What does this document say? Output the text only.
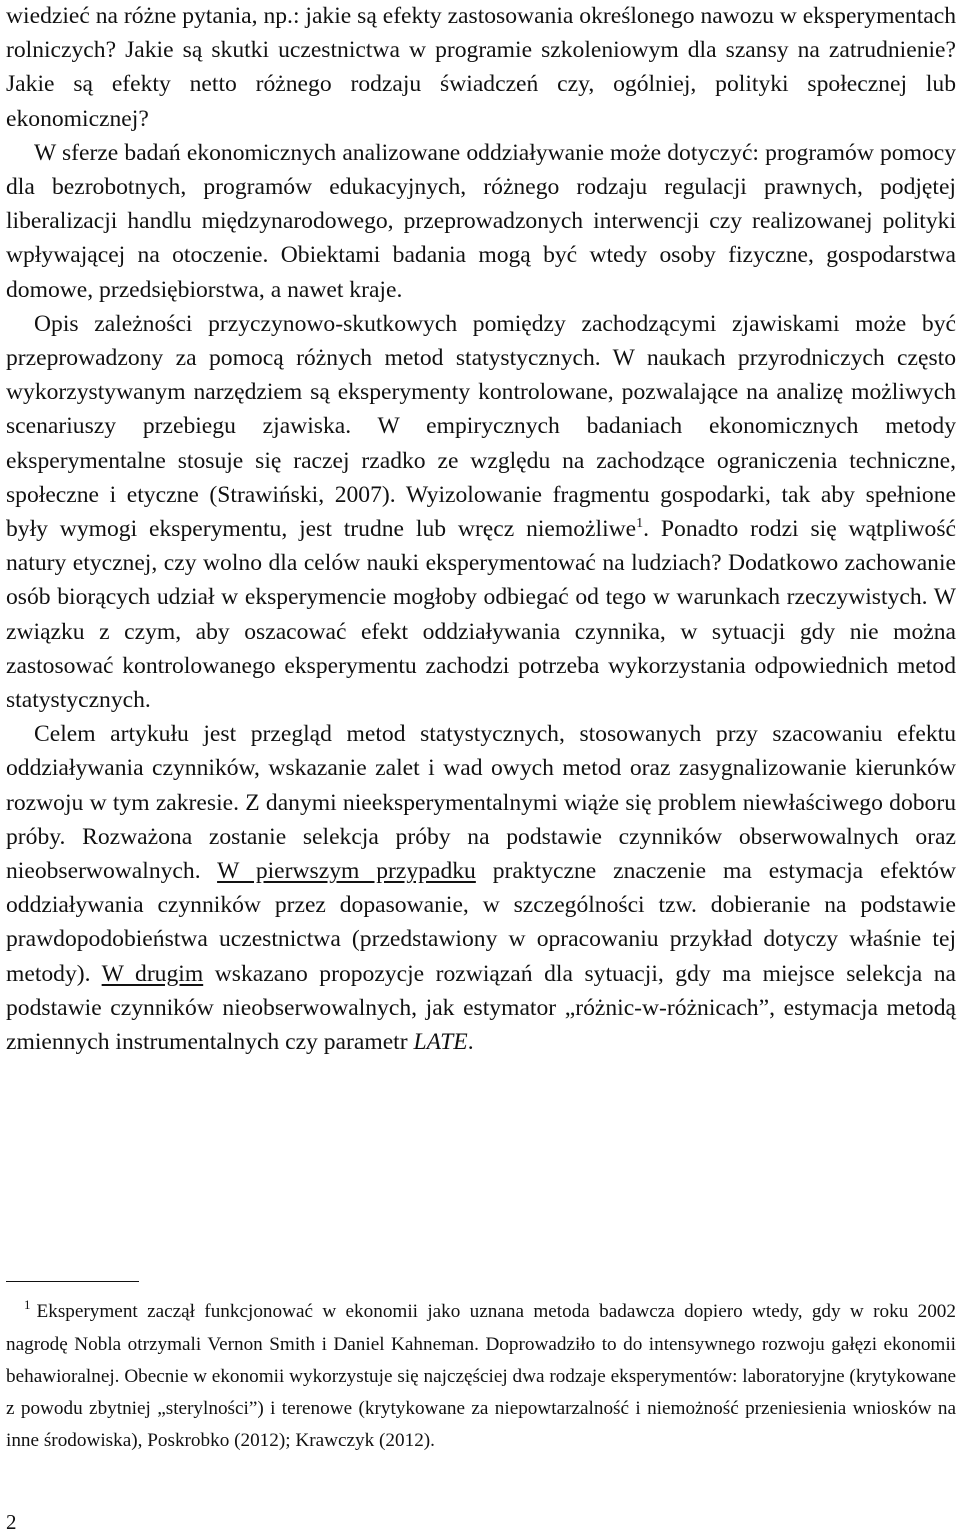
wiedzieć na różne pytania, np.: jakie są efekty zastosowania określonego nawozu w eksperymentach rolniczych? Jakie są skutki uczestnictwa w programie szkoleniowym dla szansy na zatrudnienie? Jakie są efekty netto różnego rodzaju świadczeń czy, ogólniej, polityki społecznej lub ekonomicznej?

W sferze badań ekonomicznych analizowane oddziaływanie może dotyczyć: programów pomocy dla bezrobotnych, programów edukacyjnych, różnego rodzaju regulacji prawnych, podjętej liberalizacji handlu międzynarodowego, przeprowadzonych interwencji czy realizowanej polityki wpływającej na otoczenie. Obiektami badania mogą być wtedy osoby fizyczne, gospodarstwa domowe, przedsiębiorstwa, a nawet kraje.

Opis zależności przyczynowo-skutkowych pomiędzy zachodzącymi zjawiskami może być przeprowadzony za pomocą różnych metod statystycznych. W naukach przyrodniczych często wykorzystywanym narzędziem są eksperymenty kontrolowane, pozwalające na analizę możliwych scenariuszy przebiegu zjawiska. W empirycznych badaniach ekonomicznych metody eksperymentalne stosuje się raczej rzadko ze względu na zachodzące ograniczenia techniczne, społeczne i etyczne (Strawiński, 2007). Wyizolowanie fragmentu gospodarki, tak aby spełnione były wymogi eksperymentu, jest trudne lub wręcz niemożliwe$^1$. Ponadto rodzi się wątpliwość natury etycznej, czy wolno dla celów nauki eksperymentować na ludziach? Dodatkowo zachowanie osób biorących udział w eksperymencie mogłoby odbiegać od tego w warunkach rzeczywistych. W związku z czym, aby oszacować efekt oddziaływania czynnika, w sytuacji gdy nie można zastosować kontrolowanego eksperymentu zachodzi potrzeba wykorzystania odpowiednich metod statystycznych.

Celem artykułu jest przegląd metod statystycznych, stosowanych przy szacowaniu efektu oddziaływania czynników, wskazanie zalet i wad owych metod oraz zasygnalizowanie kierunków rozwoju w tym zakresie. Z danymi nieeksperymentalnymi wiąże się problem niewłaściwego doboru próby. Rozważona zostanie selekcja próby na podstawie czynników obserwowalnych oraz nieobserwowalnych. W pierwszym przypadku praktyczne znaczenie ma estymacja efektów oddziaływania czynników przez dopasowanie, w szczególności tzw. dobieranie na podstawie prawdopodobieństwa uczestnictwa (przedstawiony w opracowaniu przykład dotyczy właśnie tej metody). W drugim wskazano propozycje rozwiązań dla sytuacji, gdy ma miejsce selekcja na podstawie czynników nieobserwowalnych, jak estymator „różnic-w-różnicach”, estymacja metodą zmiennych instrumentalnych czy parametr LATE.

$^1$ Eksperyment zaczął funkcjonować w ekonomii jako uznana metoda badawcza dopiero wtedy, gdy w roku 2002 nagrodę Nobla otrzymali Vernon Smith i Daniel Kahneman. Doprowadziło to do intensywnego rozwoju gałęzi ekonomii behawioralnej. Obecnie w ekonomii wykorzystuje się najczęściej dwa rodzaje eksperymentów: laboratoryjne (krytykowane z powodu zbytniej „sterylności”) i terenowe (krytykowane za niepowtarzalność i niemożność przeniesienia wniosków na inne środowiska), Poskrobko (2012); Krawczyk (2012).

2
